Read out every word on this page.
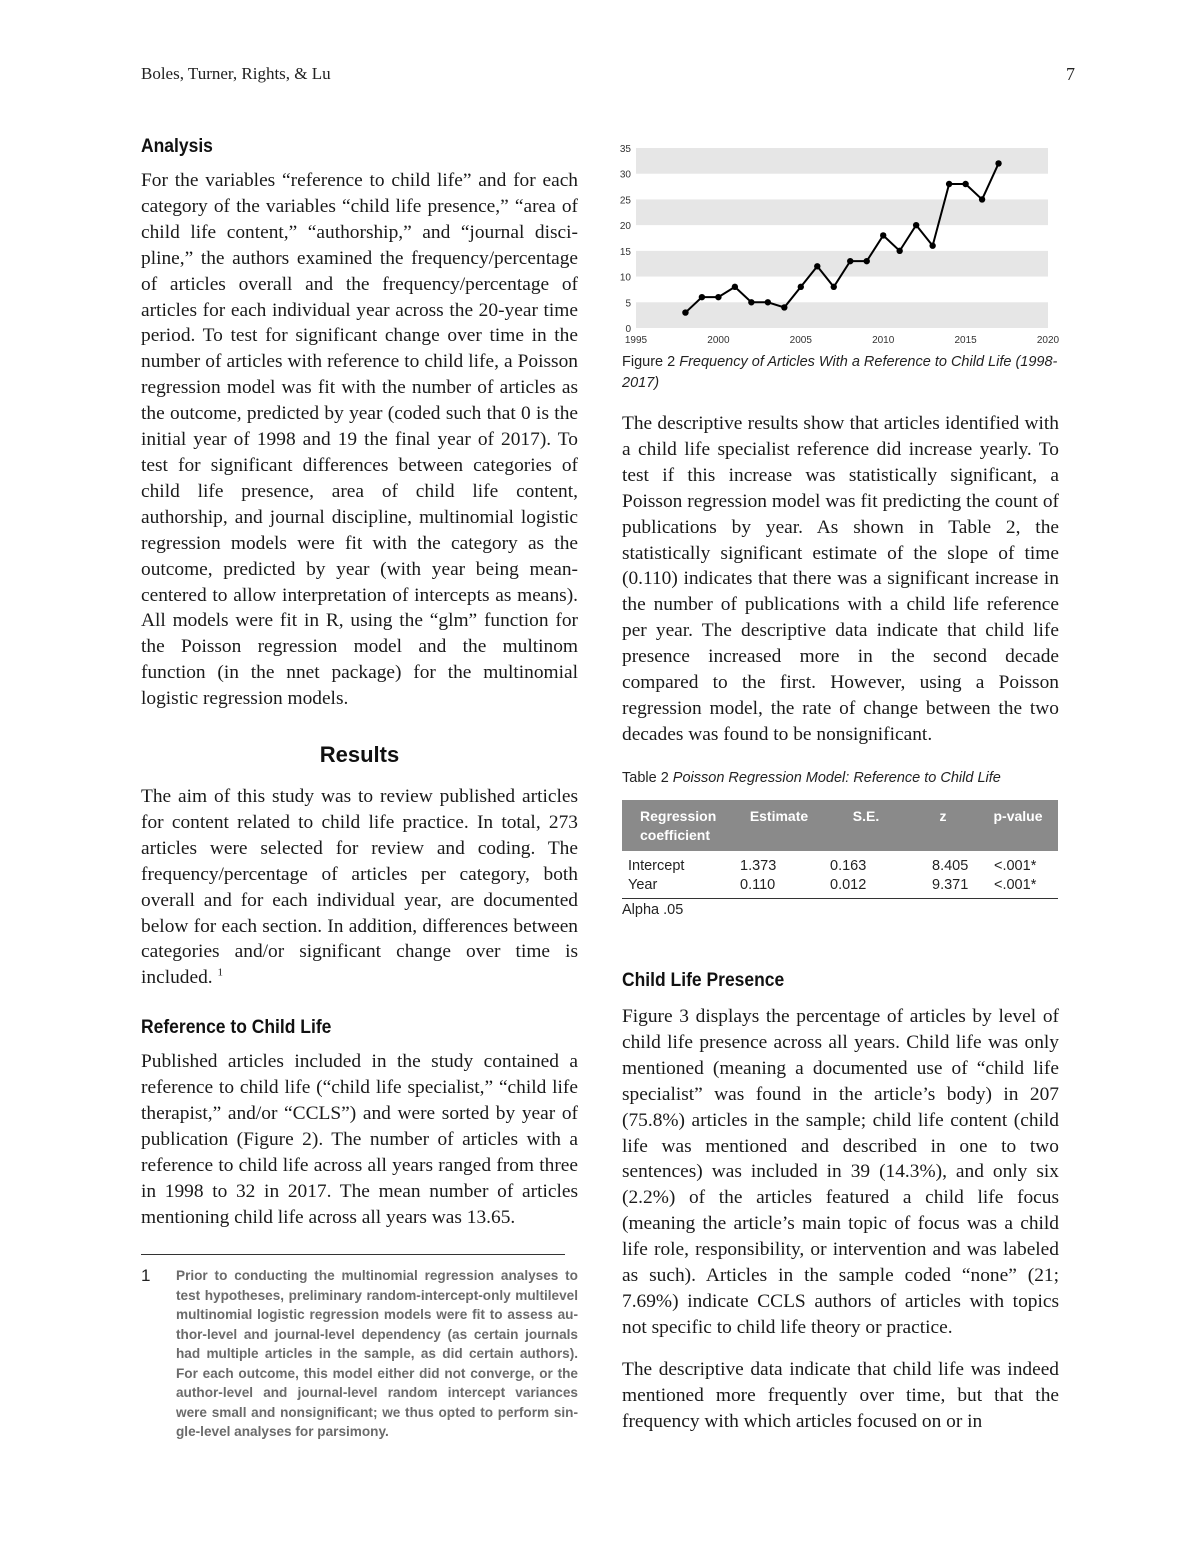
Boles, Turner, Rights, & Lu	7
Analysis

For the variables “reference to child life” and for each category of the variables “child life presence,” “area of child life content,” “authorship,” and “journal discipline,” the authors examined the frequency/percentage of articles overall and the frequency/percentage of articles for each individual year across the 20-year time period. To test for significant change over time in the number of articles with reference to child life, a Poisson regression model was fit with the number of articles as the outcome, predicted by year (coded such that 0 is the initial year of 1998 and 19 the final year of 2017). To test for significant differences between categories of child life presence, area of child life content, authorship, and journal discipline, multinomial logistic regression models were fit with the category as the outcome, predicted by year (with year being mean-centered to allow interpretation of intercepts as means). All models were fit in R, using the “glm” function for the Poisson regression model and the multinom function (in the nnet package) for the multinomial logistic regression models.

Results

The aim of this study was to review published articles for content related to child life practice. In total, 273 articles were selected for review and coding. The frequency/percentage of articles per category, both overall and for each individual year, are documented below for each section. In addition, differences between categories and/or significant change over time is included. $^1$

Reference to Child Life

Published articles included in the study contained a reference to child life (“child life specialist,” “child life therapist,” and/or “CCLS”) and were sorted by year of publication (Figure 2). The number of articles with a reference to child life across all years ranged from three in 1998 to 32 in 2017. The mean number of articles mentioning child life across all years was 13.65.

1 Prior to conducting the multinomial regression analyses to test hypotheses, preliminary random-intercept-only multilevel multinomial logistic regression models were fit to assess author-level and journal-level dependency (as certain journals had multiple articles in the sample, as did certain authors). For each outcome, this model either did not converge, or the author-level and journal-level random intercept variances were small and nonsignificant; we thus opted to perform single-level analyses for parsimony.
0
5
10
15
20
25
30
35
1995	2000	2005	2010	2015	2020
Figure 2 Frequency of Articles With a Reference to Child Life (1998-2017)

The descriptive results show that articles identified with a child life specialist reference did increase yearly. To test if this increase was statistically significant, a Poisson regression model was fit predicting the count of publications by year. As shown in Table 2, the statistically significant estimate of the slope of time (0.110) indicates that there was a significant increase in the number of publications with a child life reference per year. The descriptive data indicate that child life presence increased more in the second decade compared to the first. However, using a Poisson regression model, the rate of change between the two decades was found to be nonsignificant.

Table 2 Poisson Regression Model: Reference to Child Life
Regression coefficient	Estimate	S.E.	z	p-value
Intercept	1.373	0.163	8.405	<.001*
Year	0.110	0.012	9.371	<.001*
Alpha .05
Child Life Presence

Figure 3 displays the percentage of articles by level of child life presence across all years. Child life was only mentioned (meaning a documented use of “child life specialist” was found in the article’s body) in 207 (75.8%) articles in the sample; child life content (child life was mentioned and described in one to two sentences) was included in 39 (14.3%), and only six (2.2%) of the articles featured a child life focus (meaning the article’s main topic of focus was a child life role, responsibility, or intervention and was labeled as such). Articles in the sample coded “none” (21; 7.69%) indicate CCLS authors of articles with topics not specific to child life theory or practice.

The descriptive data indicate that child life was indeed mentioned more frequently over time, but that the frequency with which articles focused on or in
